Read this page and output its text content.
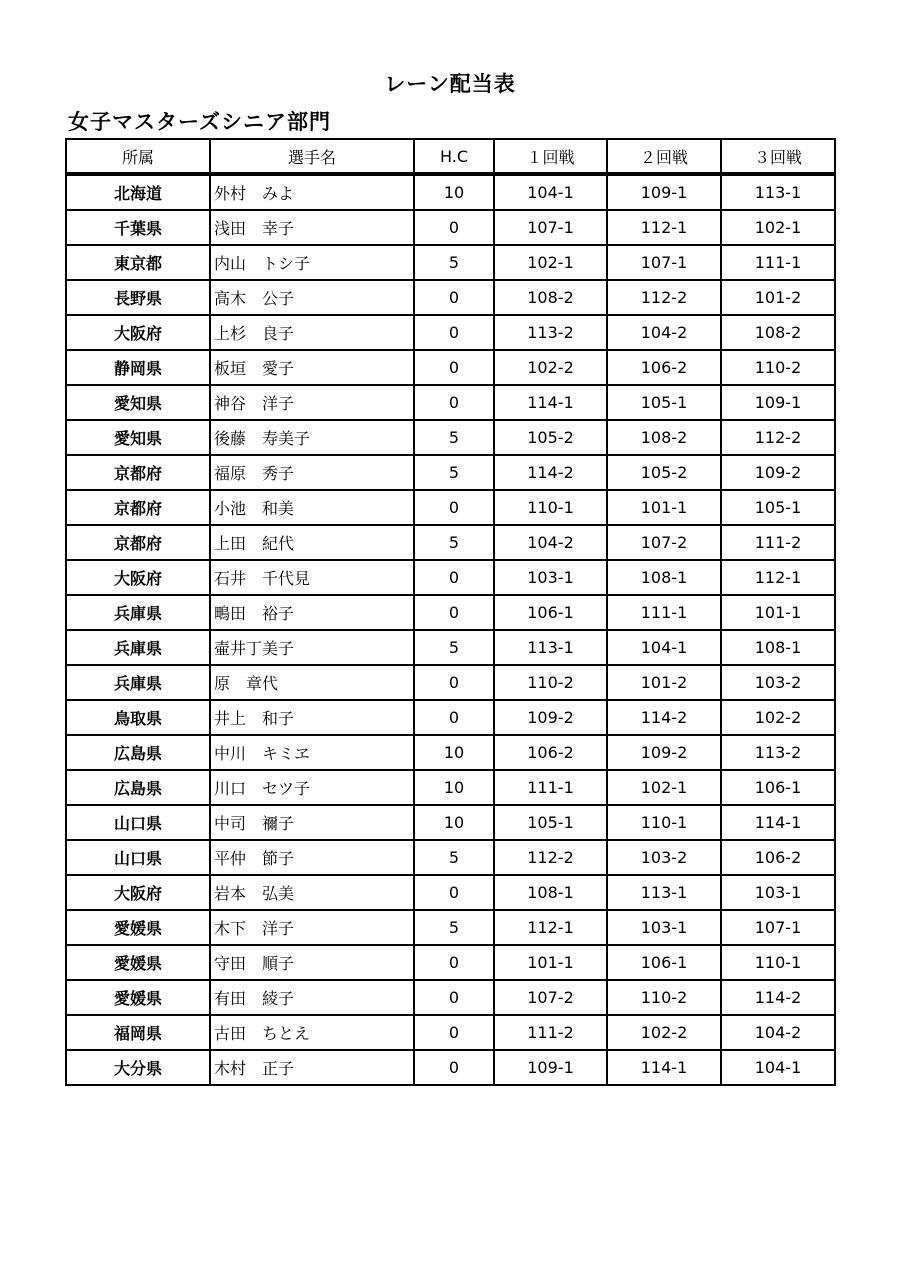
レーン配当表
女子マスターズシニア部門
所属	選手名	H.C	１回戦	２回戦	３回戦
北海道	外村　みよ	10	104-1	109-1	113-1
千葉県	浅田　幸子	0	107-1	112-1	102-1
東京都	内山　トシ子	5	102-1	107-1	111-1
長野県	高木　公子	0	108-2	112-2	101-2
大阪府	上杉　良子	0	113-2	104-2	108-2
静岡県	板垣　愛子	0	102-2	106-2	110-2
愛知県	神谷　洋子	0	114-1	105-1	109-1
愛知県	後藤　寿美子	5	105-2	108-2	112-2
京都府	福原　秀子	5	114-2	105-2	109-2
京都府	小池　和美	0	110-1	101-1	105-1
京都府	上田　紀代	5	104-2	107-2	111-2
大阪府	石井　千代見	0	103-1	108-1	112-1
兵庫県	鴫田　裕子	0	106-1	111-1	101-1
兵庫県	壷井丁美子	5	113-1	104-1	108-1
兵庫県	原　章代	0	110-2	101-2	103-2
鳥取県	井上　和子	0	109-2	114-2	102-2
広島県	中川　キミヱ	10	106-2	109-2	113-2
広島県	川口　セツ子	10	111-1	102-1	106-1
山口県	中司　禰子	10	105-1	110-1	114-1
山口県	平仲　節子	5	112-2	103-2	106-2
大阪府	岩本　弘美	0	108-1	113-1	103-1
愛媛県	木下　洋子	5	112-1	103-1	107-1
愛媛県	守田　順子	0	101-1	106-1	110-1
愛媛県	有田　綾子	0	107-2	110-2	114-2
福岡県	古田　ちとえ	0	111-2	102-2	104-2
大分県	木村　正子	0	109-1	114-1	104-1
